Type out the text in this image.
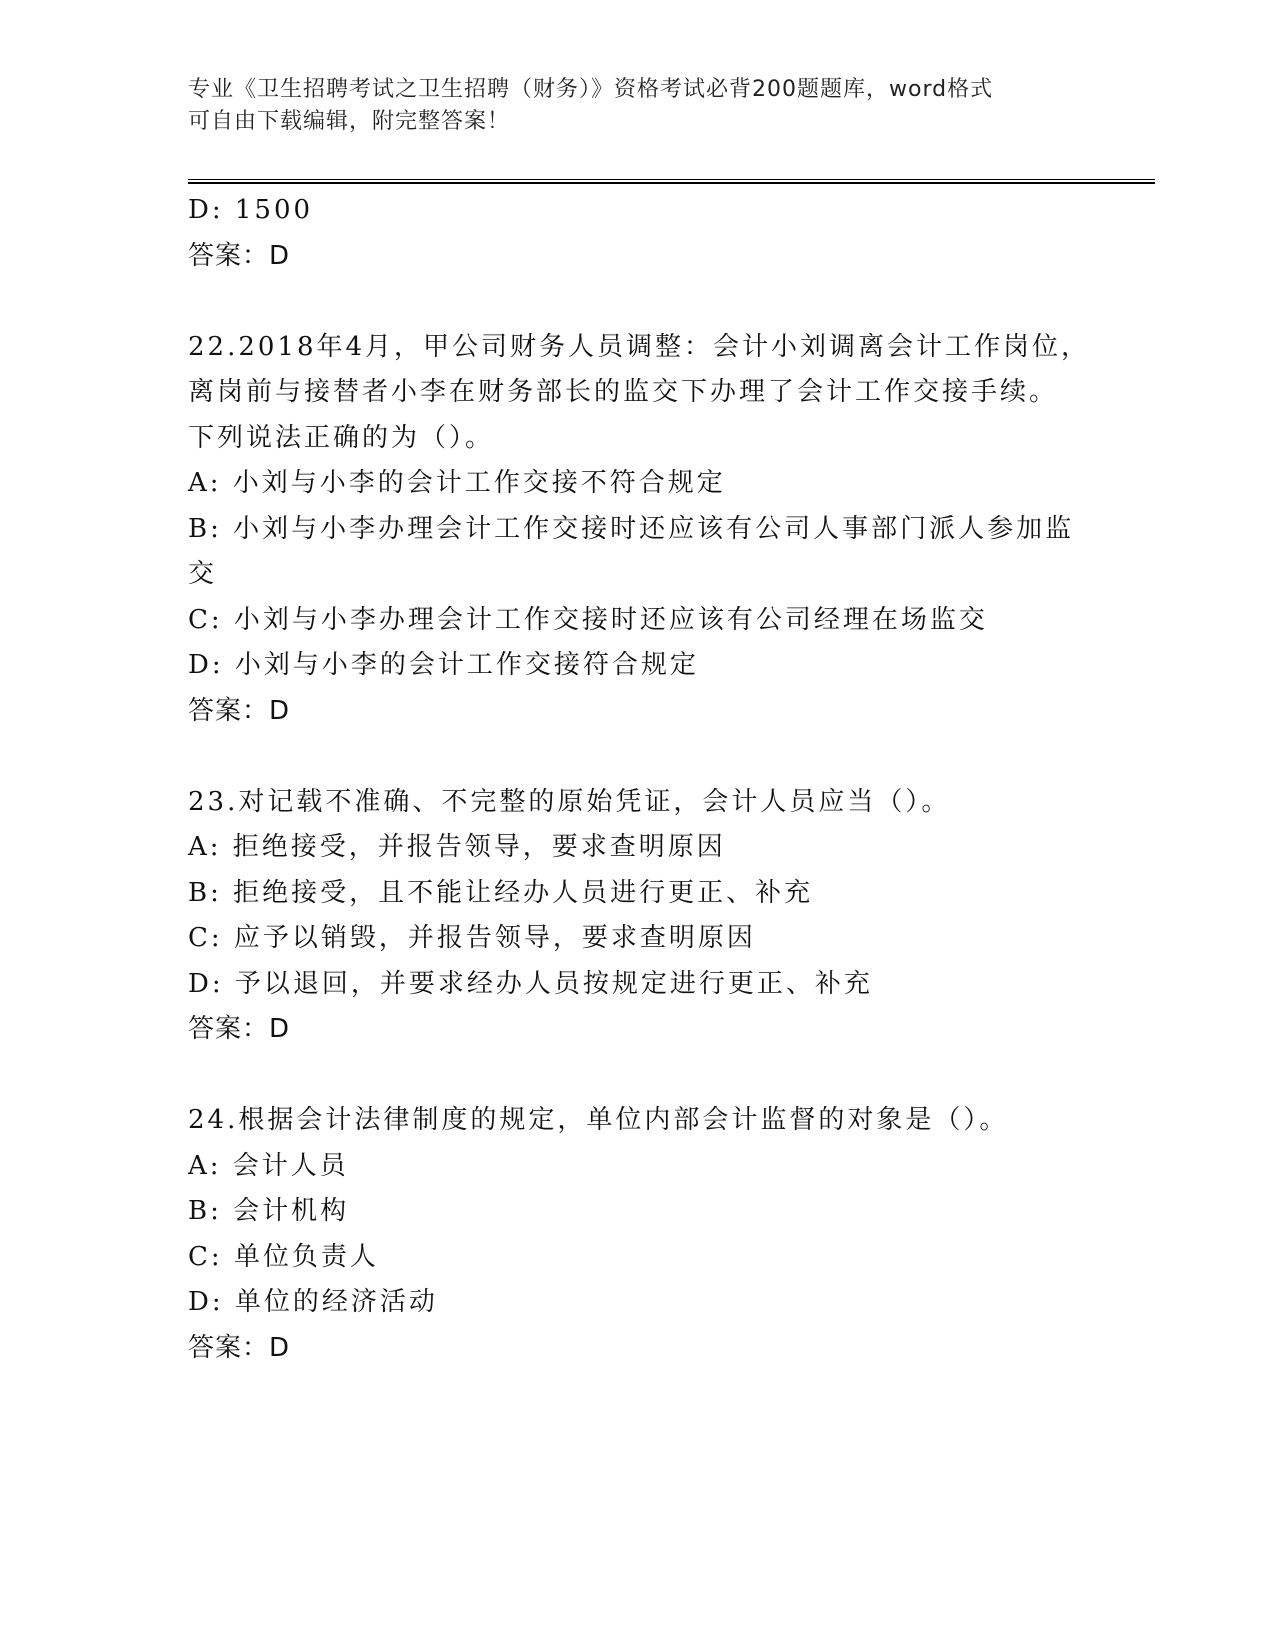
专业《卫生招聘考试之卫生招聘（财务）》资格考试必背200题题库，word格式
可自由下载编辑，附完整答案！
D: 1500
答案：D
22.2018年4月，甲公司财务人员调整：会计小刘调离会计工作岗位，
离岗前与接替者小李在财务部长的监交下办理了会计工作交接手续。
下列说法正确的为（）。
A: 小刘与小李的会计工作交接不符合规定
B: 小刘与小李办理会计工作交接时还应该有公司人事部门派人参加监
交
C: 小刘与小李办理会计工作交接时还应该有公司经理在场监交
D: 小刘与小李的会计工作交接符合规定
答案：D
23.对记载不准确、不完整的原始凭证，会计人员应当（）。
A: 拒绝接受，并报告领导，要求查明原因
B: 拒绝接受，且不能让经办人员进行更正、补充
C: 应予以销毁，并报告领导，要求查明原因
D: 予以退回，并要求经办人员按规定进行更正、补充
答案：D
24.根据会计法律制度的规定，单位内部会计监督的对象是（）。
A: 会计人员
B: 会计机构
C: 单位负责人
D: 单位的经济活动
答案：D
